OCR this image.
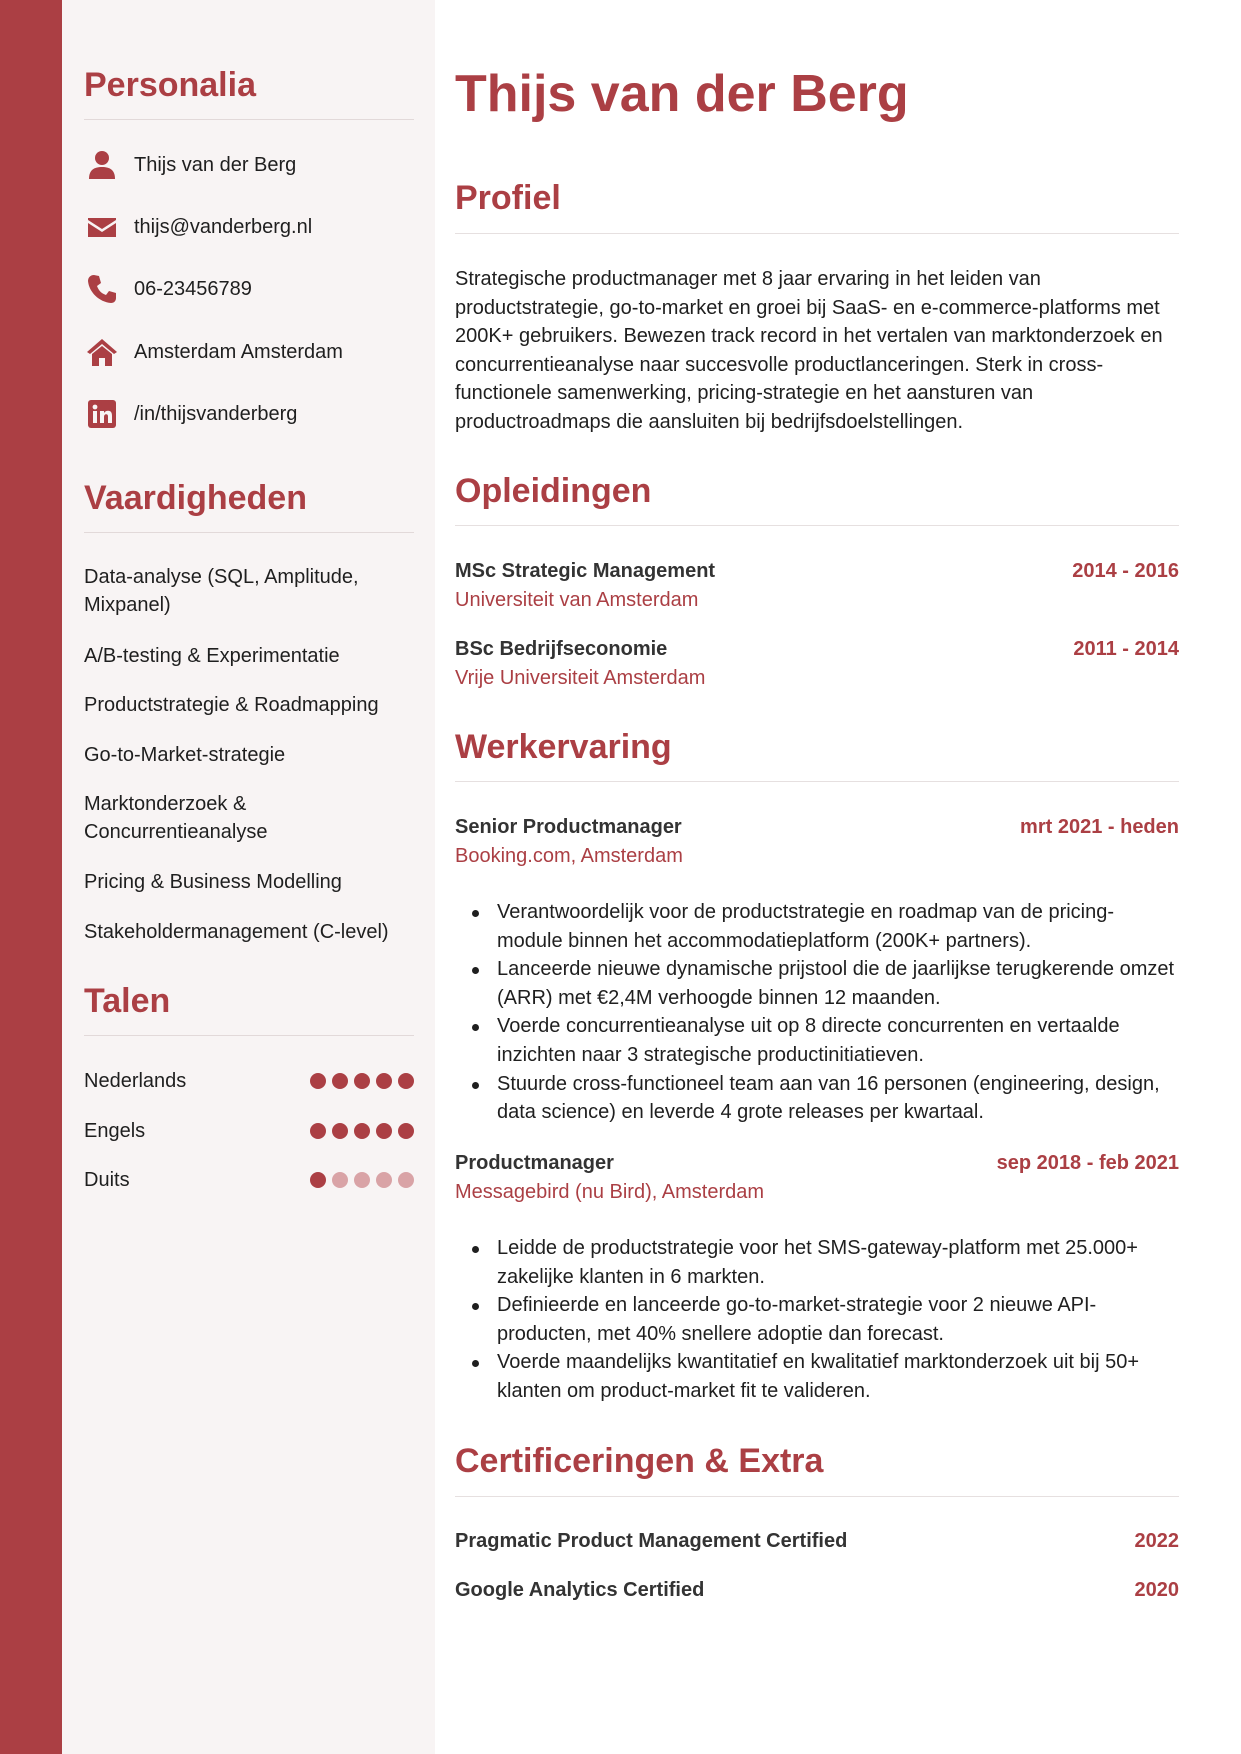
Personalia
Thijs van der Berg
thijs@vanderberg.nl
06-23456789
Amsterdam Amsterdam
/in/thijsvanderberg
Vaardigheden
Data-analyse (SQL, Amplitude, Mixpanel)
A/B-testing & Experimentatie
Productstrategie & Roadmapping
Go-to-Market-strategie
Marktonderzoek & Concurrentieanalyse
Pricing & Business Modelling
Stakeholdermanagement (C-level)
Talen
Nederlands
Engels
Duits
Thijs van der Berg
Profiel

Strategische productmanager met 8 jaar ervaring in het leiden van productstrategie, go-to-market en groei bij SaaS- en e-commerce-platforms met 200K+ gebruikers. Bewezen track record in het vertalen van marktonderzoek en concurrentieanalyse naar succesvolle productlanceringen. Sterk in cross-functionele samenwerking, pricing-strategie en het aansturen van productroadmaps die aansluiten bij bedrijfsdoelstellingen.

Opleidingen
MSc Strategic Management	2014 - 2016
Universiteit van Amsterdam
BSc Bedrijfseconomie	2011 - 2014
Vrije Universiteit Amsterdam
Werkervaring
Senior Productmanager	mrt 2021 - heden
Booking.com, Amsterdam
Verantwoordelijk voor de productstrategie en roadmap van de pricing-module binnen het accommodatieplatform (200K+ partners).
Lanceerde nieuwe dynamische prijstool die de jaarlijkse terugkerende omzet (ARR) met €2,4M verhoogde binnen 12 maanden.
Voerde concurrentieanalyse uit op 8 directe concurrenten en vertaalde inzichten naar 3 strategische productinitiatieven.
Stuurde cross-functioneel team aan van 16 personen (engineering, design, data science) en leverde 4 grote releases per kwartaal.
Productmanager	sep 2018 - feb 2021
Messagebird (nu Bird), Amsterdam
Leidde de productstrategie voor het SMS-gateway-platform met 25.000+ zakelijke klanten in 6 markten.
Definieerde en lanceerde go-to-market-strategie voor 2 nieuwe API-producten, met 40% snellere adoptie dan forecast.
Voerde maandelijks kwantitatief en kwalitatief marktonderzoek uit bij 50+ klanten om product-market fit te valideren.
Certificeringen & Extra
Pragmatic Product Management Certified	2022
Google Analytics Certified	2020
